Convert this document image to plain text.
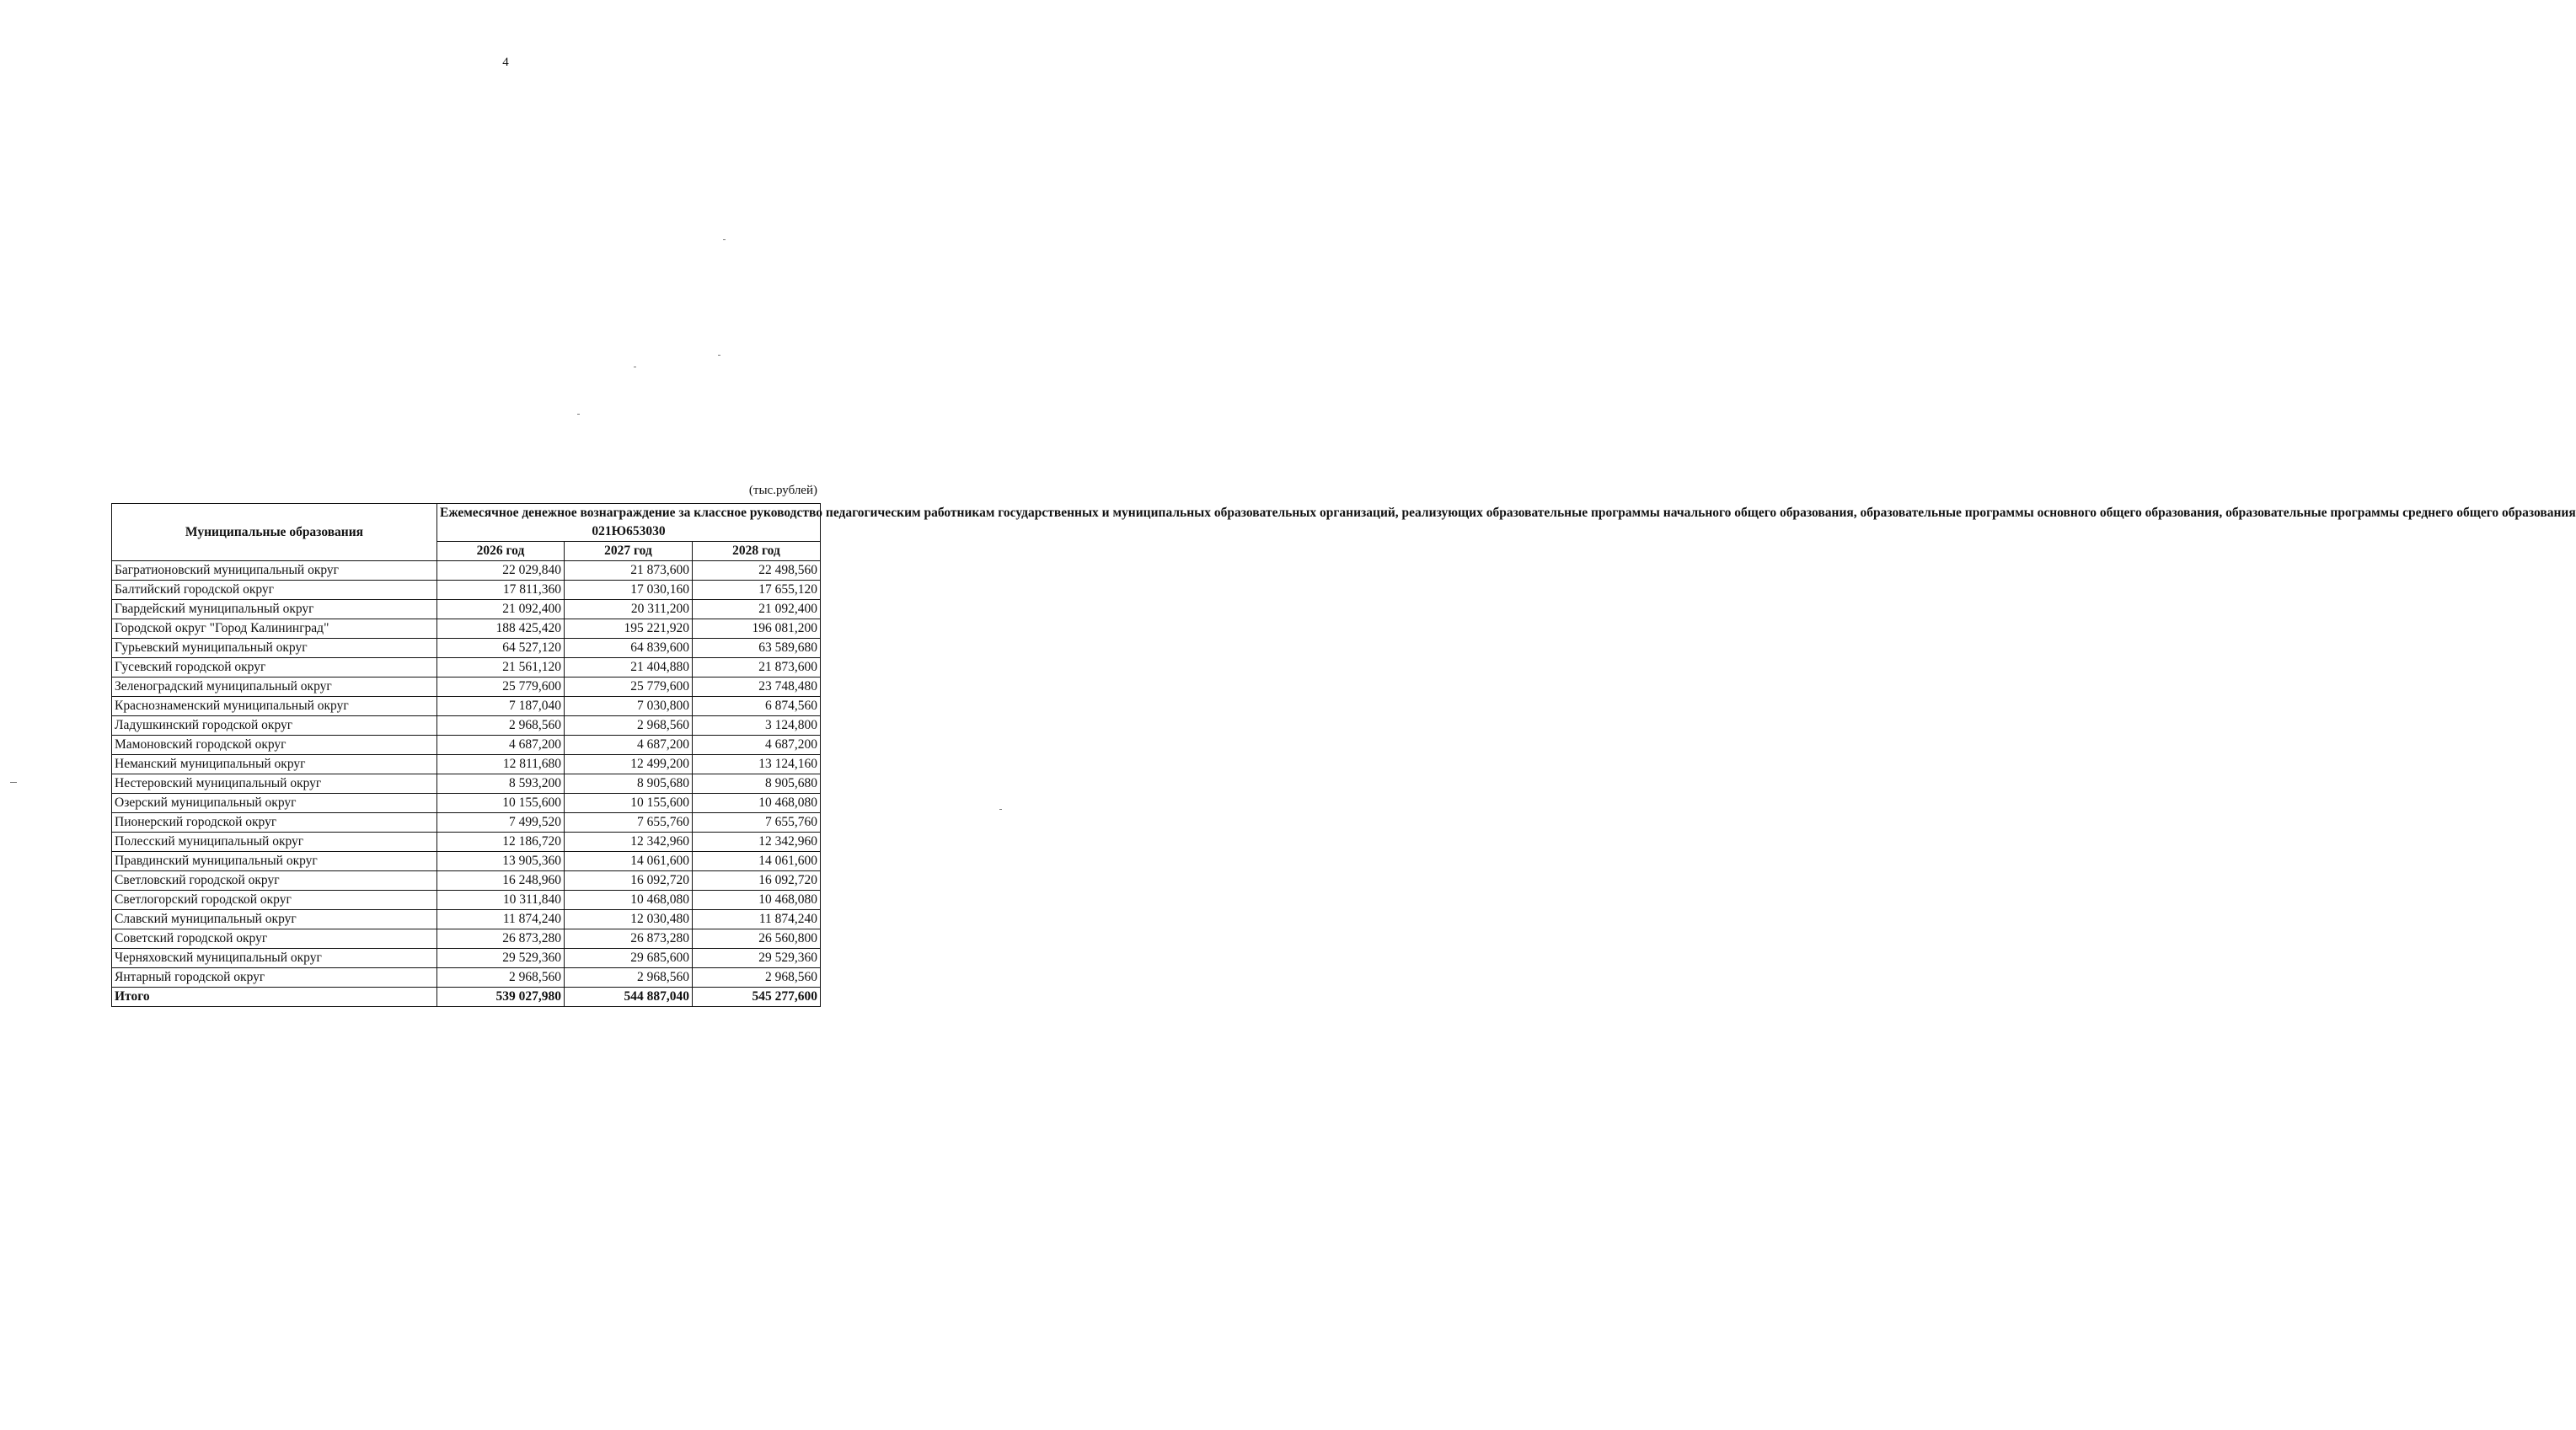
4
(тыс.рублей)
Муниципальные образования	Ежемесячное денежное вознаграждение за классное руководство педагогическим работникам государственных и муниципальных образовательных организаций, реализующих образовательные программы начального общего образования, образовательные программы основного общего образования, образовательные программы среднего общего образования
021Ю653030		
	2026 год	2027 год	2028 год
Багратионовский муниципальный округ	22 029,840	21 873,600	22 498,560
Балтийский городской округ	17 811,360	17 030,160	17 655,120
Гвардейский муниципальный округ	21 092,400	20 311,200	21 092,400
Городской округ "Город Калининград"	188 425,420	195 221,920	196 081,200
Гурьевский муниципальный округ	64 527,120	64 839,600	63 589,680
Гусевский городской округ	21 561,120	21 404,880	21 873,600
Зеленоградский муниципальный округ	25 779,600	25 779,600	23 748,480
Краснознаменский муниципальный округ	7 187,040	7 030,800	6 874,560
Ладушкинский городской округ	2 968,560	2 968,560	3 124,800
Мамоновский городской округ	4 687,200	4 687,200	4 687,200
Неманский муниципальный округ	12 811,680	12 499,200	13 124,160
Нестеровский муниципальный округ	8 593,200	8 905,680	8 905,680
Озерский муниципальный округ	10 155,600	10 155,600	10 468,080
Пионерский городской округ	7 499,520	7 655,760	7 655,760
Полесский муниципальный округ	12 186,720	12 342,960	12 342,960
Правдинский муниципальный округ	13 905,360	14 061,600	14 061,600
Светловский городской округ	16 248,960	16 092,720	16 092,720
Светлогорский городской округ	10 311,840	10 468,080	10 468,080
Славский муниципальный округ	11 874,240	12 030,480	11 874,240
Советский городской округ	26 873,280	26 873,280	26 560,800
Черняховский муниципальный округ	29 529,360	29 685,600	29 529,360
Янтарный городской округ	2 968,560	2 968,560	2 968,560
Итого	539 027,980	544 887,040	545 277,600
